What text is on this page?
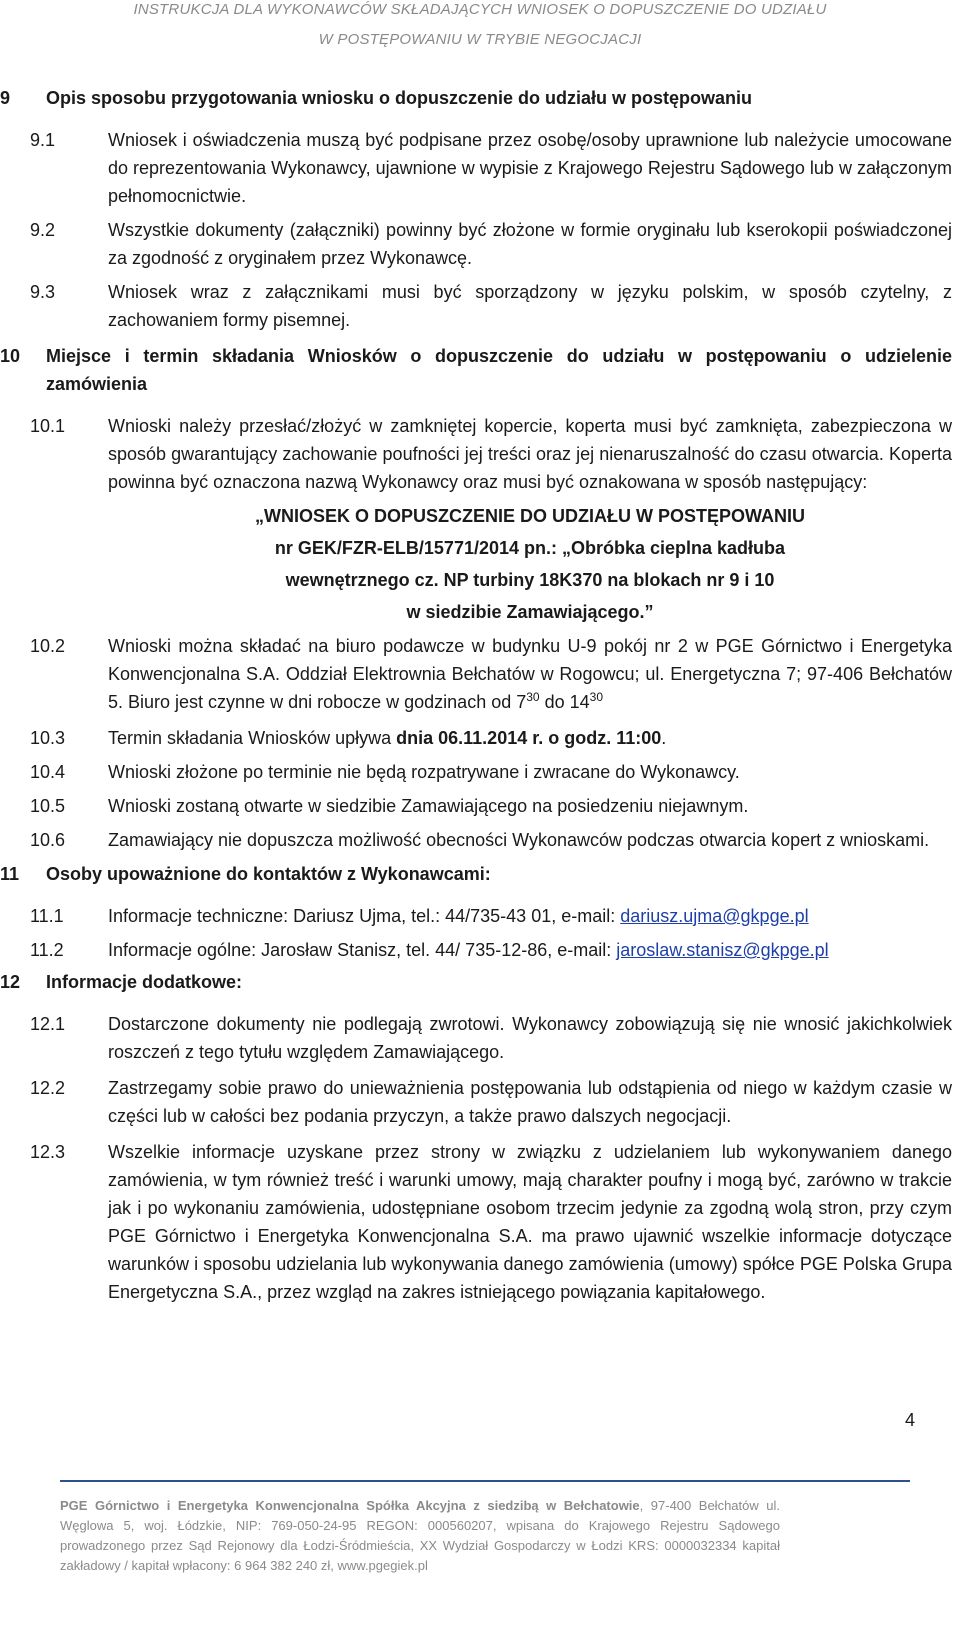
INSTRUKCJA DLA WYKONAWCÓW SKŁADAJĄCYCH WNIOSEK O DOPUSZCZENIE DO UDZIAŁU
W POSTĘPOWANIU W TRYBIE NEGOCJACJI
9 Opis sposobu przygotowania wniosku o dopuszczenie do udziału w postępowaniu
9.1	Wniosek i oświadczenia muszą być podpisane przez osobę/osoby uprawnione lub należycie umocowane do reprezentowania Wykonawcy, ujawnione w wypisie z Krajowego Rejestru Sądowego lub w załączonym pełnomocnictwie.
9.2	Wszystkie dokumenty (załączniki) powinny być złożone w formie oryginału lub kserokopii poświadczonej za zgodność z oryginałem przez Wykonawcę.
9.3	Wniosek wraz z załącznikami musi być sporządzony w języku polskim, w sposób czytelny, z zachowaniem formy pisemnej.
10 Miejsce i termin składania Wniosków o dopuszczenie do udziału w postępowaniu o udzielenie zamówienia
10.1 Wnioski należy przesłać/złożyć w zamkniętej kopercie, koperta musi być zamknięta, zabezpieczona w sposób gwarantujący zachowanie poufności jej treści oraz jej nienaruszalność do czasu otwarcia. Koperta powinna być oznaczona nazwą Wykonawcy oraz musi być oznakowana w sposób następujący:
„WNIOSEK O DOPUSZCZENIE DO UDZIAŁU W POSTĘPOWANIU
nr GEK/FZR-ELB/15771/2014 pn.: „Obróbka cieplna kadłuba
wewnętrznego cz. NP turbiny 18K370 na blokach nr 9 i 10
w siedzibie Zamawiającego.”
10.2 Wnioski można składać na biuro podawcze w budynku U-9 pokój nr 2 w PGE Górnictwo i Energetyka Konwencjonalna S.A. Oddział Elektrownia Bełchatów w Rogowcu; ul. Energetyczna 7; 97-406 Bełchatów 5. Biuro jest czynne w dni robocze w godzinach od $7^{30}$ do $14^{30}$
10.3 Termin składania Wniosków upływa dnia 06.11.2014 r. o godz. 11:00.
10.4 Wnioski złożone po terminie nie będą rozpatrywane i zwracane do Wykonawcy.
10.5 Wnioski zostaną otwarte w siedzibie Zamawiającego na posiedzeniu niejawnym.
10.6 Zamawiający nie dopuszcza możliwość obecności Wykonawców podczas otwarcia kopert z wnioskami.
11 Osoby upoważnione do kontaktów z Wykonawcami:
11.1 Informacje techniczne: Dariusz Ujma, tel.: 44/735-43 01, e-mail: dariusz.ujma@gkpge.pl
11.2 Informacje ogólne: Jarosław Stanisz, tel. 44/ 735-12-86, e-mail: jaroslaw.stanisz@gkpge.pl
12 Informacje dodatkowe:
12.1 Dostarczone dokumenty nie podlegają zwrotowi. Wykonawcy zobowiązują się nie wnosić jakichkolwiek roszczeń z tego tytułu względem Zamawiającego.
12.2 Zastrzegamy sobie prawo do unieważnienia postępowania lub odstąpienia od niego w każdym czasie w części lub w całości bez podania przyczyn, a także prawo dalszych negocjacji.
12.3 Wszelkie informacje uzyskane przez strony w związku z udzielaniem lub wykonywaniem danego zamówienia, w tym również treść i warunki umowy, mają charakter poufny i mogą być, zarówno w trakcie jak i po wykonaniu zamówienia, udostępniane osobom trzecim jedynie za zgodną wolą stron, przy czym PGE Górnictwo i Energetyka Konwencjonalna S.A. ma prawo ujawnić wszelkie informacje dotyczące warunków i sposobu udzielania lub wykonywania danego zamówienia (umowy) spółce PGE Polska Grupa Energetyczna S.A., przez wzgląd na zakres istniejącego powiązania kapitałowego.
4
PGE Górnictwo i Energetyka Konwencjonalna Spółka Akcyjna z siedzibą w Bełchatowie, 97-400 Bełchatów ul. Węglowa 5, woj. Łódzkie, NIP: 769-050-24-95 REGON: 000560207, wpisana do Krajowego Rejestru Sądowego prowadzonego przez Sąd Rejonowy dla Łodzi-Śródmieścia, XX Wydział Gospodarczy w Łodzi KRS: 0000032334 kapitał zakładowy / kapitał wpłacony: 6 964 382 240 zł, www.pgegiek.pl
